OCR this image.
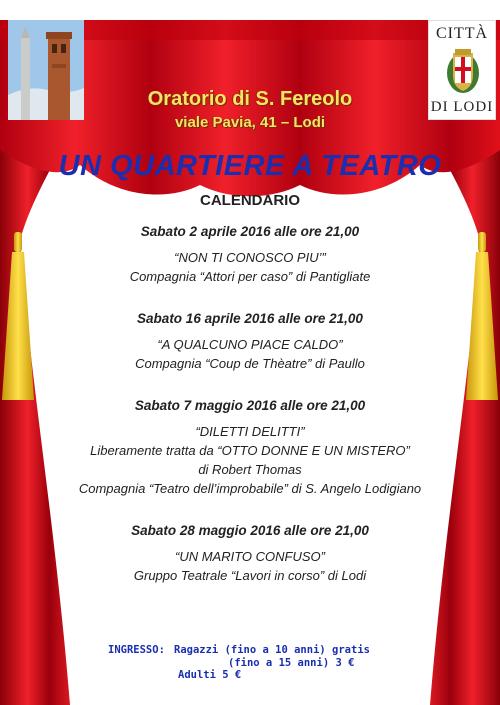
CITTÀ
DI LODI
Oratorio di S. Fereolo
viale Pavia, 41 – Lodi
UN QUARTIERE A TEATRO
CALENDARIO
Sabato 2 aprile 2016 alle ore 21,00
“NON TI CONOSCO PIU’”
Compagnia “Attori per caso” di Pantigliate
Sabato 16 aprile 2016 alle ore 21,00
“A QUALCUNO PIACE CALDO”
Compagnia “Coup de Thèatre” di Paullo
Sabato 7 maggio 2016 alle ore 21,00
“DILETTI DELITTI”
Liberamente tratta da “OTTO DONNE E UN MISTERO”
di Robert Thomas
Compagnia “Teatro dell’improbabile” di S. Angelo Lodigiano
Sabato 28 maggio 2016 alle ore 21,00
“UN MARITO CONFUSO”
Gruppo Teatrale “Lavori in corso” di Lodi
INGRESSO: Ragazzi (fino a 10 anni) gratis
(fino a 15 anni) 3 €
Adulti 5 €
